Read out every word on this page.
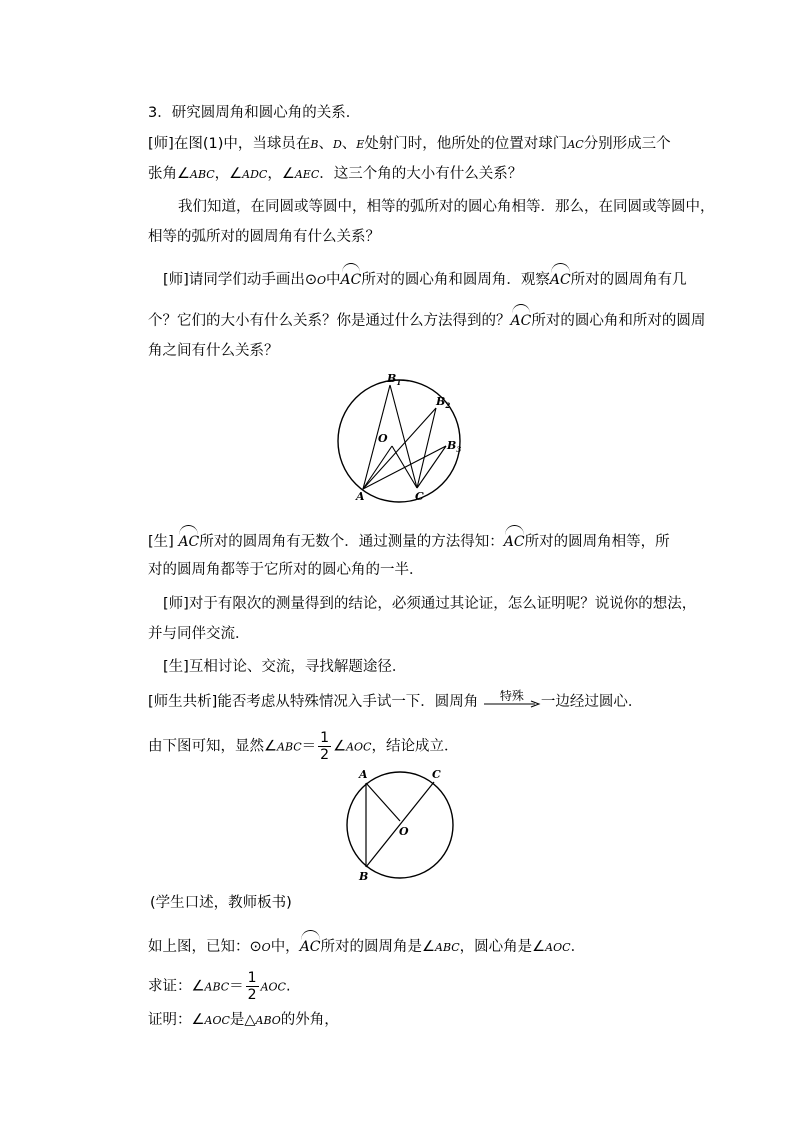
3．研究圆周角和圆心角的关系．
[师]在图(1)中，当球员在B、D、E处射门时，他所处的位置对球门AC分别形成三个
张角∠ABC，∠ADC，∠AEC．这三个角的大小有什么关系？
我们知道，在同圆或等圆中，相等的弧所对的圆心角相等．那么，在同圆或等圆中，
相等的弧所对的圆周角有什么关系？
[师]请同学们动手画出⊙O中AC所对的圆心角和圆周角．观察AC所对的圆周角有几
个？它们的大小有什么关系？你是通过什么方法得到的？AC所对的圆心角和所对的圆周
角之间有什么关系？
$B_1$
$B_2$
$B_3$
O
A	C
[生] AC所对的圆周角有无数个．通过测量的方法得知：AC所对的圆周角相等，所
对的圆周角都等于它所对的圆心角的一半．
[师]对于有限次的测量得到的结论，必须通过其论证，怎么证明呢？说说你的想法，
并与同伴交流．
[生]互相讨论、交流，寻找解题途径．
[师生共析]能否考虑从特殊情况入手试一下．圆周角	特殊	一边经过圆心．
由下图可知，显然∠ABC＝ $\frac{1}{2}$ ∠AOC，结论成立．
A	C
O
B
(学生口述，教师板书)
如上图，已知：⊙O中，AC所对的圆周角是∠ABC，圆心角是∠AOC．
求证：∠ABC＝ $\frac{1}{2}$ AOC.
证明：∠AOC是△ABO的外角，
